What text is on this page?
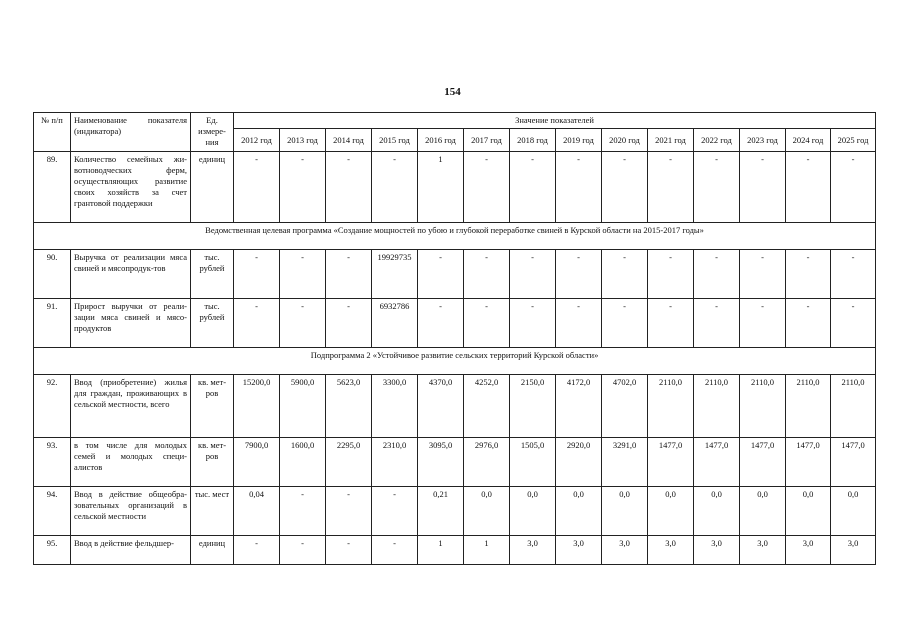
154
№ п/п	Наименование показателя (индикатора)	Ед. измере-ния	Значение показателей													
			2012 год	2013 год	2014 год	2015 год	2016 год	2017 год	2018 год	2019 год	2020 год	2021 год	2022 год	2023 год	2024 год	2025 год
89.	Количество семейных жи-вотноводческих ферм, осуществляющих развитие своих хозяйств за счет грантовой поддержки	единиц	-	-	-	-	1	-	-	-	-	-	-	-	-	-
Ведомственная целевая программа «Создание мощностей по убою и глубокой переработке свиней в Курской области на 2015-2017 годы»																
90.	Выручка от реализации мяса свиней и мясопродук-тов	тыс. рублей	-	-	-	19929735	-	-	-	-	-	-	-	-	-	-
91.	Прирост выручки от реали-зации мяса свиней и мясо-продуктов	тыс. рублей	-	-	-	6932786	-	-	-	-	-	-	-	-	-	-
Подпрограмма 2 «Устойчивое развитие сельских территорий Курской области»																
92.	Ввод (приобретение) жилья для граждан, проживающих в сельской местности, всего	кв. мет-ров	15200,0	5900,0	5623,0	3300,0	4370,0	4252,0	2150,0	4172,0	4702,0	2110,0	2110,0	2110,0	2110,0	2110,0
93.	в том числе для молодых семей и молодых специ-алистов	кв. мет-ров	7900,0	1600,0	2295,0	2310,0	3095,0	2976,0	1505,0	2920,0	3291,0	1477,0	1477,0	1477,0	1477,0	1477,0
94.	Ввод в действие общеобра-зовательных организаций в сельской местности	тыс. мест	0,04	-	-	-	0,21	0,0	0,0	0,0	0,0	0,0	0,0	0,0	0,0	0,0
95.	Ввод в действие фельдшер-	единиц	-	-	-	-	1	1	3,0	3,0	3,0	3,0	3,0	3,0	3,0	3,0
